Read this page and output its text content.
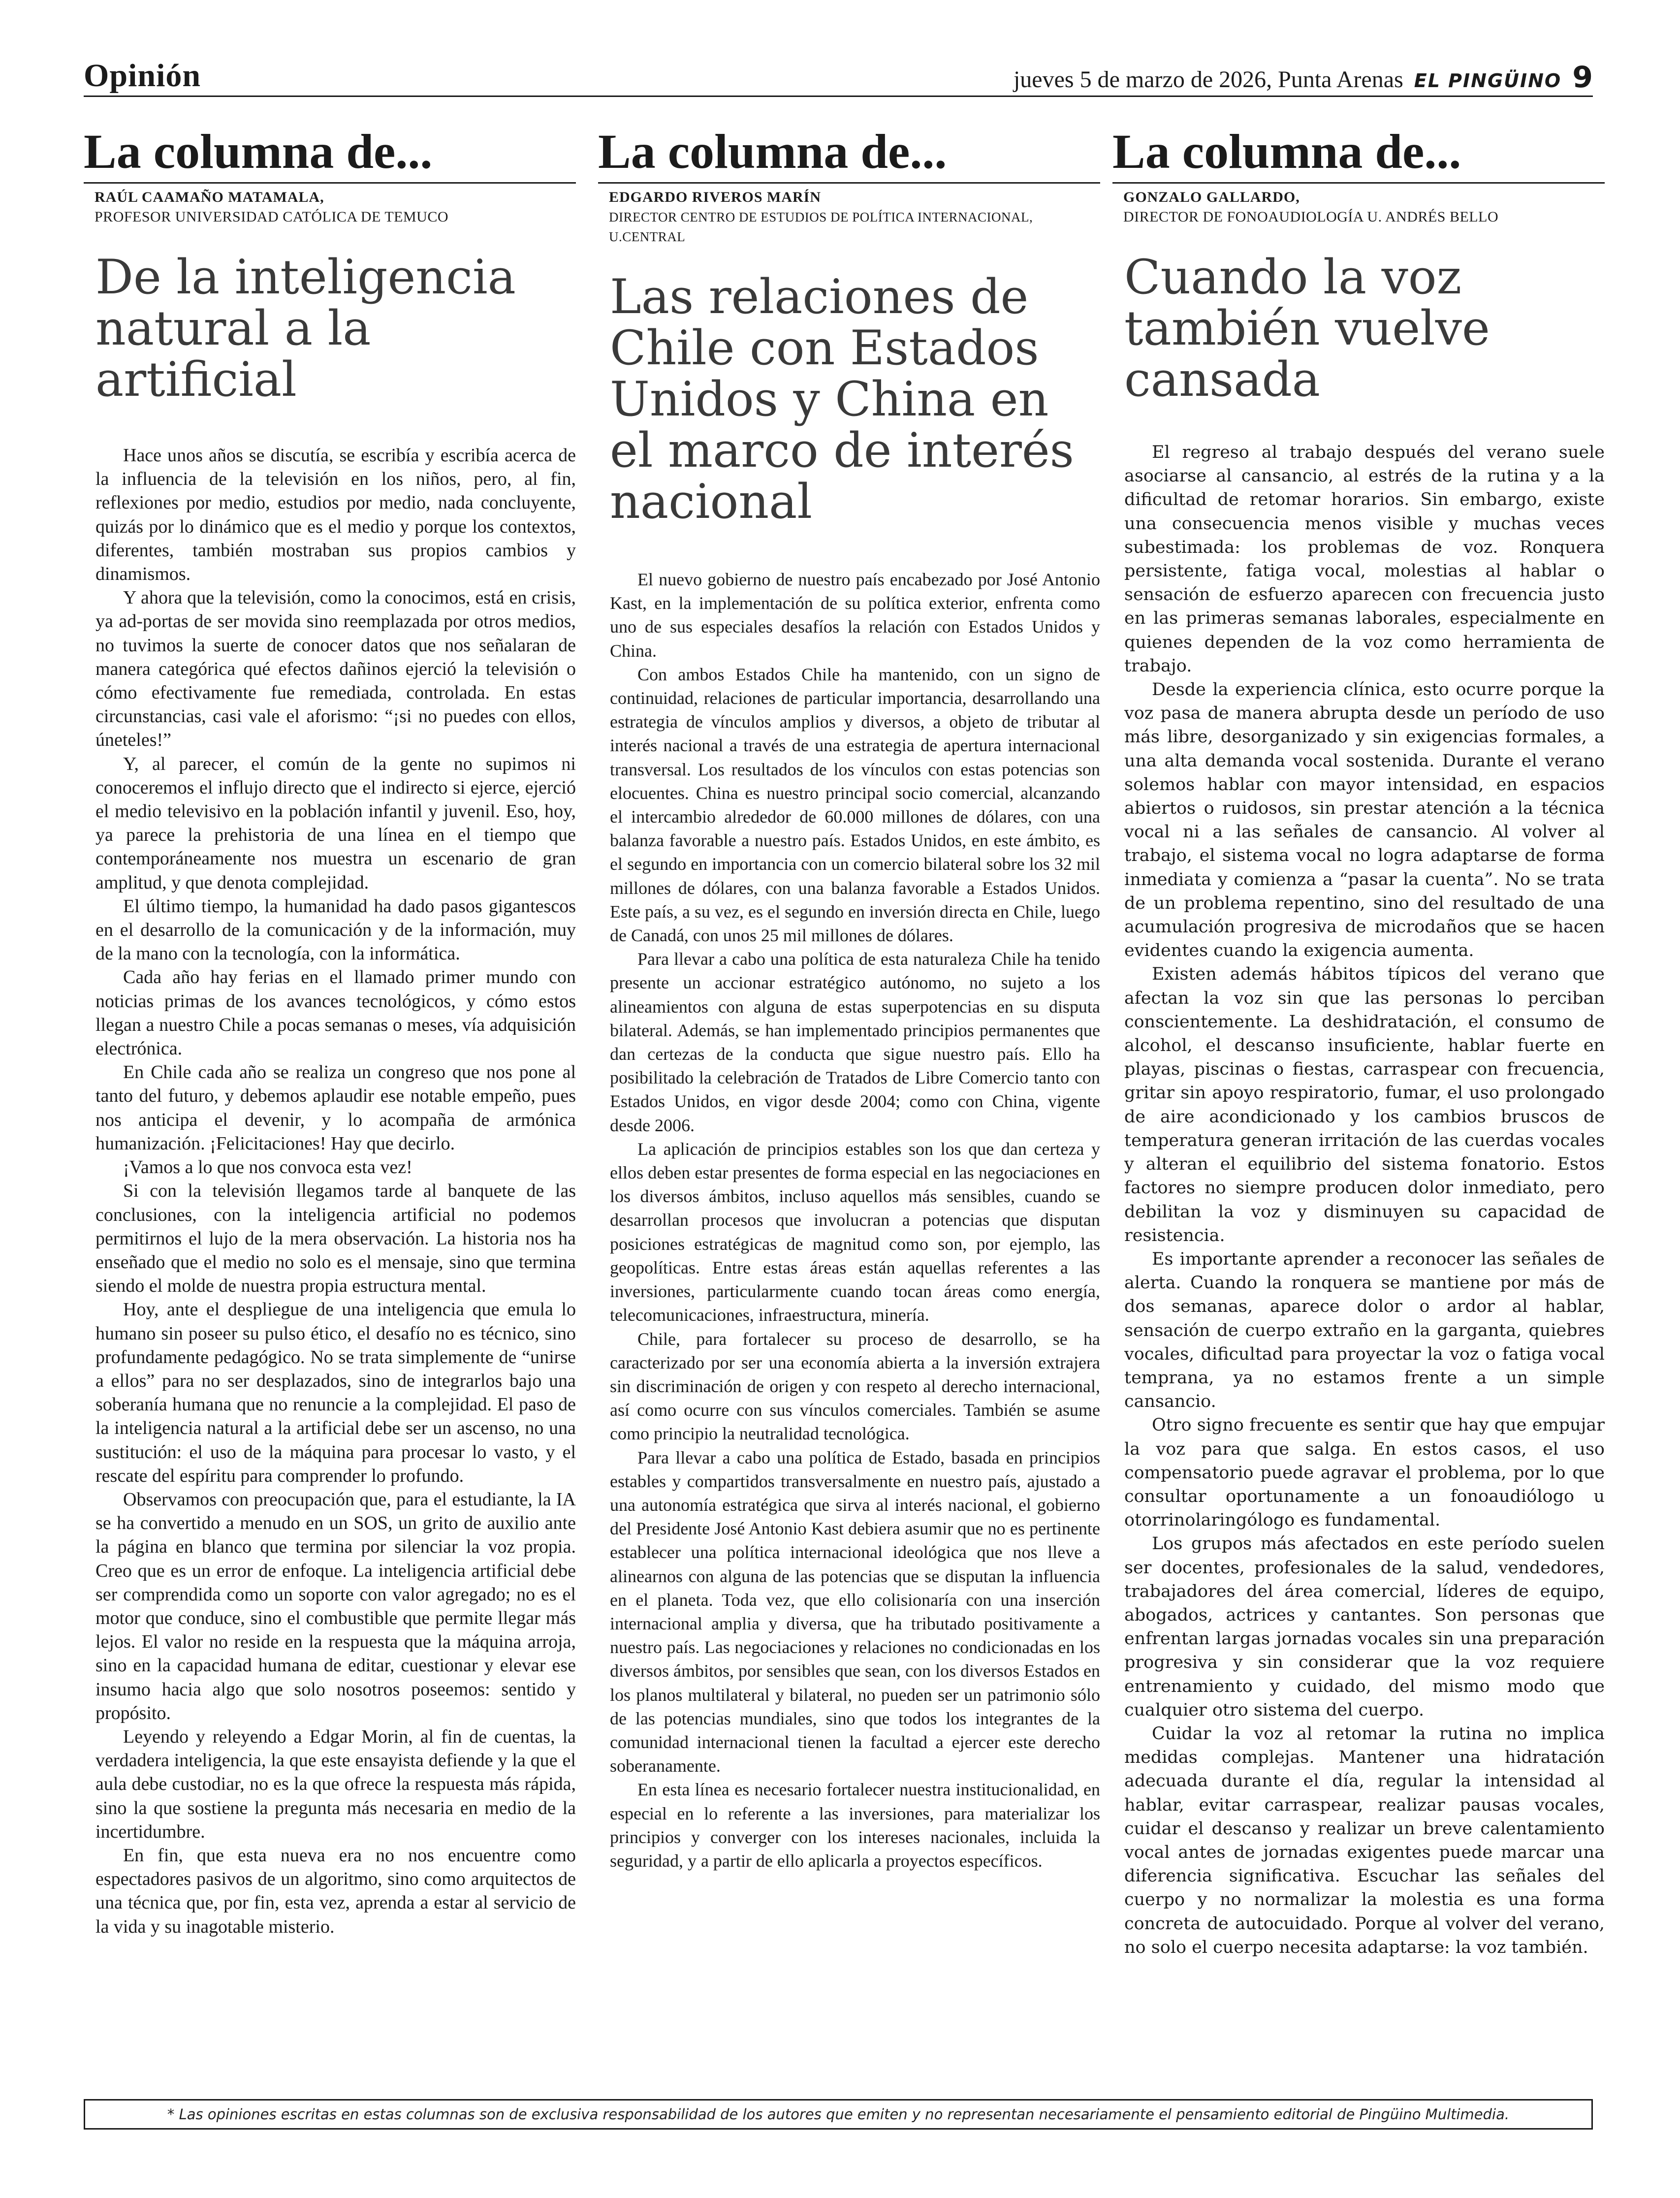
Opinión	jueves 5 de marzo de 2026, Punta Arenas EL PINGÜINO 9
La columna de...
RAÚL CAAMAÑO MATAMALA,
PROFESOR UNIVERSIDAD CATÓLICA DE TEMUCO
De la inteligencia natural a la artificial

Hace unos años se discutía, se escribía y escribía acerca de la influencia de la televisión en los niños, pero, al fin, reflexiones por medio, estudios por medio, nada concluyente, quizás por lo dinámico que es el medio y porque los contextos, diferentes, también mostraban sus propios cambios y dinamismos.

Y ahora que la televisión, como la conocimos, está en crisis, ya ad-portas de ser movida sino reemplazada por otros medios, no tuvimos la suerte de conocer datos que nos señalaran de manera categórica qué efectos dañinos ejerció la televisión o cómo efectivamente fue remediada, controlada. En estas circunstancias, casi vale el aforismo: “¡si no puedes con ellos, úneteles!”

Y, al parecer, el común de la gente no supimos ni conoceremos el influjo directo que el indirecto si ejerce, ejerció el medio televisivo en la población infantil y juvenil. Eso, hoy, ya parece la prehistoria de una línea en el tiempo que contemporáneamente nos muestra un escenario de gran amplitud, y que denota complejidad.

El último tiempo, la humanidad ha dado pasos gigantescos en el desarrollo de la comunicación y de la información, muy de la mano con la tecnología, con la informática.

Cada año hay ferias en el llamado primer mundo con noticias primas de los avances tecnológicos, y cómo estos llegan a nuestro Chile a pocas semanas o meses, vía adquisición electrónica.

En Chile cada año se realiza un congreso que nos pone al tanto del futuro, y debemos aplaudir ese notable empeño, pues nos anticipa el devenir, y lo acompaña de armónica humanización. ¡Felicitaciones! Hay que decirlo.

¡Vamos a lo que nos convoca esta vez!

Si con la televisión llegamos tarde al banquete de las conclusiones, con la inteligencia artificial no podemos permitirnos el lujo de la mera observación. La historia nos ha enseñado que el medio no solo es el mensaje, sino que termina siendo el molde de nuestra propia estructura mental.

Hoy, ante el despliegue de una inteligencia que emula lo humano sin poseer su pulso ético, el desafío no es técnico, sino profundamente pedagógico. No se trata simplemente de “unirse a ellos” para no ser desplazados, sino de integrarlos bajo una soberanía humana que no renuncie a la complejidad. El paso de la inteligencia natural a la artificial debe ser un ascenso, no una sustitución: el uso de la máquina para procesar lo vasto, y el rescate del espíritu para comprender lo profundo.

Observamos con preocupación que, para el estudiante, la IA se ha convertido a menudo en un SOS, un grito de auxilio ante la página en blanco que termina por silenciar la voz propia. Creo que es un error de enfoque. La inteligencia artificial debe ser comprendida como un soporte con valor agregado; no es el motor que conduce, sino el combustible que permite llegar más lejos. El valor no reside en la respuesta que la máquina arroja, sino en la capacidad humana de editar, cuestionar y elevar ese insumo hacia algo que solo nosotros poseemos: sentido y propósito.

Leyendo y releyendo a Edgar Morin, al fin de cuentas, la verdadera inteligencia, la que este ensayista defiende y la que el aula debe custodiar, no es la que ofrece la respuesta más rápida, sino la que sostiene la pregunta más necesaria en medio de la incertidumbre.

En fin, que esta nueva era no nos encuentre como espectadores pasivos de un algoritmo, sino como arquitectos de una técnica que, por fin, esta vez, aprenda a estar al servicio de la vida y su inagotable misterio.

La columna de...
EDGARDO RIVEROS MARÍN
DIRECTOR CENTRO DE ESTUDIOS DE POLÍTICA INTERNACIONAL, U.CENTRAL
Las relaciones de Chile con Estados Unidos y China en el marco de interés nacional

El nuevo gobierno de nuestro país encabezado por José Antonio Kast, en la implementación de su política exterior, enfrenta como uno de sus especiales desafíos la relación con Estados Unidos y China.

Con ambos Estados Chile ha mantenido, con un signo de continuidad, relaciones de particular importancia, desarrollando una estrategia de vínculos amplios y diversos, a objeto de tributar al interés nacional a través de una estrategia de apertura internacional transversal. Los resultados de los vínculos con estas potencias son elocuentes. China es nuestro principal socio comercial, alcanzando el intercambio alrededor de 60.000 millones de dólares, con una balanza favorable a nuestro país. Estados Unidos, en este ámbito, es el segundo en importancia con un comercio bilateral sobre los 32 mil millones de dólares, con una balanza favorable a Estados Unidos. Este país, a su vez, es el segundo en inversión directa en Chile, luego de Canadá, con unos 25 mil millones de dólares.

Para llevar a cabo una política de esta naturaleza Chile ha tenido presente un accionar estratégico autónomo, no sujeto a los alineamientos con alguna de estas superpotencias en su disputa bilateral. Además, se han implementado principios permanentes que dan certezas de la conducta que sigue nuestro país. Ello ha posibilitado la celebración de Tratados de Libre Comercio tanto con Estados Unidos, en vigor desde 2004; como con China, vigente desde 2006.

La aplicación de principios estables son los que dan certeza y ellos deben estar presentes de forma especial en las negociaciones en los diversos ámbitos, incluso aquellos más sensibles, cuando se desarrollan procesos que involucran a potencias que disputan posiciones estratégicas de magnitud como son, por ejemplo, las geopolíticas. Entre estas áreas están aquellas referentes a las inversiones, particularmente cuando tocan áreas como energía, telecomunicaciones, infraestructura, minería.

Chile, para fortalecer su proceso de desarrollo, se ha caracterizado por ser una economía abierta a la inversión extrajera sin discriminación de origen y con respeto al derecho internacional, así como ocurre con sus vínculos comerciales. También se asume como principio la neutralidad tecnológica.

Para llevar a cabo una política de Estado, basada en principios estables y compartidos transversalmente en nuestro país, ajustado a una autonomía estratégica que sirva al interés nacional, el gobierno del Presidente José Antonio Kast debiera asumir que no es pertinente establecer una política internacional ideológica que nos lleve a alinearnos con alguna de las potencias que se disputan la influencia en el planeta. Toda vez, que ello colisionaría con una inserción internacional amplia y diversa, que ha tributado positivamente a nuestro país. Las negociaciones y relaciones no condicionadas en los diversos ámbitos, por sensibles que sean, con los diversos Estados en los planos multilateral y bilateral, no pueden ser un patrimonio sólo de las potencias mundiales, sino que todos los integrantes de la comunidad internacional tienen la facultad a ejercer este derecho soberanamente.

En esta línea es necesario fortalecer nuestra institucionalidad, en especial en lo referente a las inversiones, para materializar los principios y converger con los intereses nacionales, incluida la seguridad, y a partir de ello aplicarla a proyectos específicos.

La columna de...
GONZALO GALLARDO,
DIRECTOR DE FONOAUDIOLOGÍA U. ANDRÉS BELLO
Cuando la voz también vuelve cansada

El regreso al trabajo después del verano suele asociarse al cansancio, al estrés de la rutina y a la dificultad de retomar horarios. Sin embargo, existe una consecuencia menos visible y muchas veces subestimada: los problemas de voz. Ronquera persistente, fatiga vocal, molestias al hablar o sensación de esfuerzo aparecen con frecuencia justo en las primeras semanas laborales, especialmente en quienes dependen de la voz como herramienta de trabajo.

Desde la experiencia clínica, esto ocurre porque la voz pasa de manera abrupta desde un período de uso más libre, desorganizado y sin exigencias formales, a una alta demanda vocal sostenida. Durante el verano solemos hablar con mayor intensidad, en espacios abiertos o ruidosos, sin prestar atención a la técnica vocal ni a las señales de cansancio. Al volver al trabajo, el sistema vocal no logra adaptarse de forma inmediata y comienza a “pasar la cuenta”. No se trata de un problema repentino, sino del resultado de una acumulación progresiva de microdaños que se hacen evidentes cuando la exigencia aumenta.

Existen además hábitos típicos del verano que afectan la voz sin que las personas lo perciban conscientemente. La deshidratación, el consumo de alcohol, el descanso insuficiente, hablar fuerte en playas, piscinas o fiestas, carraspear con frecuencia, gritar sin apoyo respiratorio, fumar, el uso prolongado de aire acondicionado y los cambios bruscos de temperatura generan irritación de las cuerdas vocales y alteran el equilibrio del sistema fonatorio. Estos factores no siempre producen dolor inmediato, pero debilitan la voz y disminuyen su capacidad de resistencia.

Es importante aprender a reconocer las señales de alerta. Cuando la ronquera se mantiene por más de dos semanas, aparece dolor o ardor al hablar, sensación de cuerpo extraño en la garganta, quiebres vocales, dificultad para proyectar la voz o fatiga vocal temprana, ya no estamos frente a un simple cansancio.

Otro signo frecuente es sentir que hay que empujar la voz para que salga. En estos casos, el uso compensatorio puede agravar el problema, por lo que consultar oportunamente a un fonoaudiólogo u otorrinolaringólogo es fundamental.

Los grupos más afectados en este período suelen ser docentes, profesionales de la salud, vendedores, trabajadores del área comercial, líderes de equipo, abogados, actrices y cantantes. Son personas que enfrentan largas jornadas vocales sin una preparación progresiva y sin considerar que la voz requiere entrenamiento y cuidado, del mismo modo que cualquier otro sistema del cuerpo.

Cuidar la voz al retomar la rutina no implica medidas complejas. Mantener una hidratación adecuada durante el día, regular la intensidad al hablar, evitar carraspear, realizar pausas vocales, cuidar el descanso y realizar un breve calentamiento vocal antes de jornadas exigentes puede marcar una diferencia significativa. Escuchar las señales del cuerpo y no normalizar la molestia es una forma concreta de autocuidado. Porque al volver del verano, no solo el cuerpo necesita adaptarse: la voz también.

* Las opiniones escritas en estas columnas son de exclusiva responsabilidad de los autores que emiten y no representan necesariamente el pensamiento editorial de Pingüino Multimedia.
